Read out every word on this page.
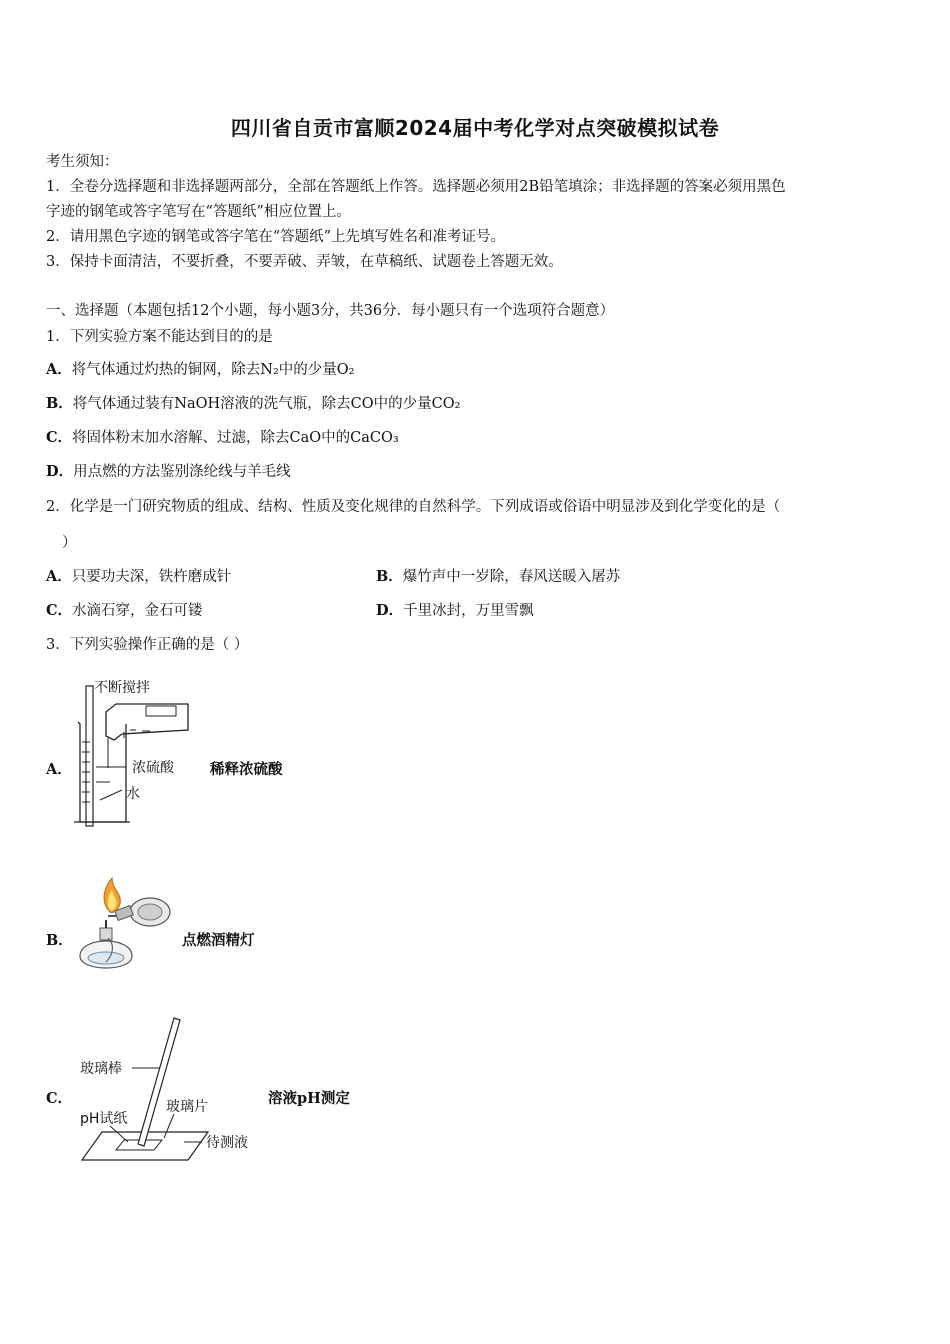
四川省自贡市富顺2024届中考化学对点突破模拟试卷
考生须知：
1．全卷分选择题和非选择题两部分，全部在答题纸上作答。选择题必须用2B铅笔填涂；非选择题的答案必须用黑色
字迹的钢笔或答字笔写在“答题纸”相应位置上。
2．请用黑色字迹的钢笔或答字笔在“答题纸”上先填写姓名和准考证号。
3．保持卡面清洁，不要折叠，不要弄破、弄皱，在草稿纸、试题卷上答题无效。
一、选择题（本题包括12个小题，每小题3分，共36分．每小题只有一个选项符合题意）
1．下列实验方案不能达到目的的是
A．将气体通过灼热的铜网，除去N₂中的少量O₂
B．将气体通过装有NaOH溶液的洗气瓶，除去CO中的少量CO₂
C．将固体粉末加水溶解、过滤，除去CaO中的CaCO₃
D．用点燃的方法鉴别涤纶线与羊毛线
2．化学是一门研究物质的组成、结构、性质及变化规律的自然科学。下列成语或俗语中明显涉及到化学变化的是（
）
A．只要功夫深，铁杵磨成针	B．爆竹声中一岁除，春风送暖入屠苏
C．水滴石穿，金石可镂	D．千里冰封，万里雪飘
3．下列实验操作正确的是（ ）
A．
不断搅拌
浓硫酸
水
稀释浓硫酸
B．	点燃酒精灯
C．
玻璃棒
玻璃片
pH试纸
待测液
溶液pH测定
